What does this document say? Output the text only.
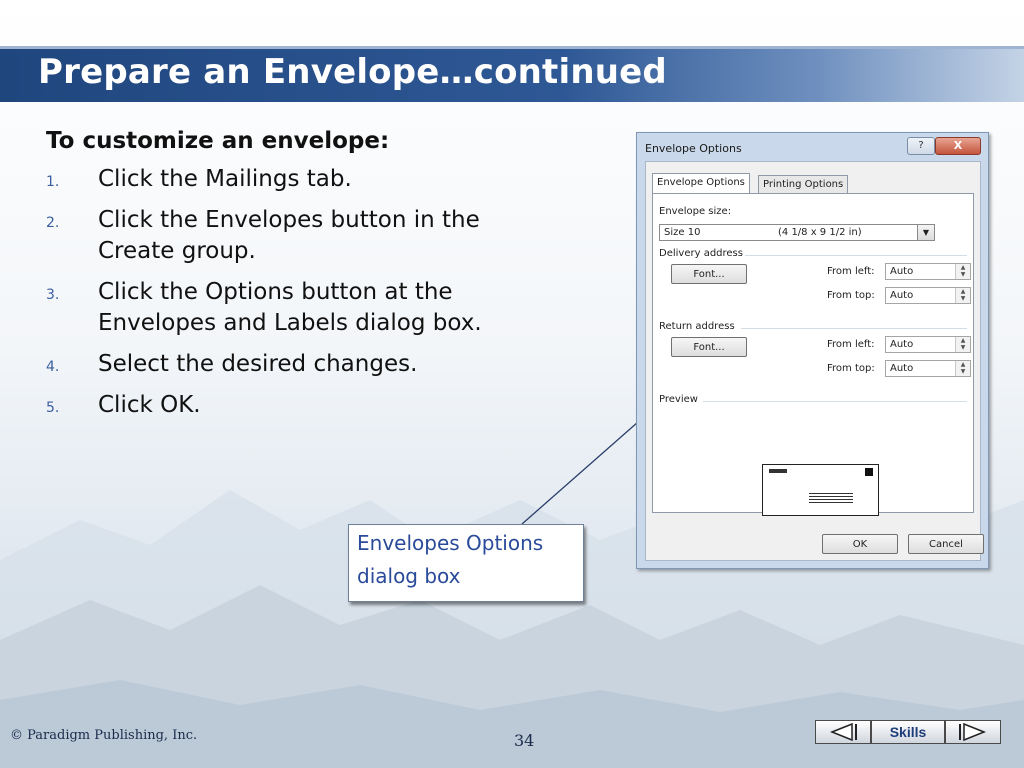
Prepare an Envelope…continued
To customize an envelope:
1. Click the Mailings tab.
2. Click the Envelopes button in the Create group.
3. Click the Options button at the Envelopes and Labels dialog box.
4. Select the desired changes.
5. Click OK.
Envelopes Options dialog box
Envelope Options	?	X
Envelope Options	Printing Options
Envelope size:
Size 10	(4 1/8 x 9 1/2 in)	▼
Delivery address
Font...	From left: Auto	▲
▼
From top: Auto	▲
▼
Return address
Font...	From left: Auto	▲
▼
From top: Auto	▲
▼
Preview
OK	Cancel
© Paradigm Publishing, Inc.	34	Skills
